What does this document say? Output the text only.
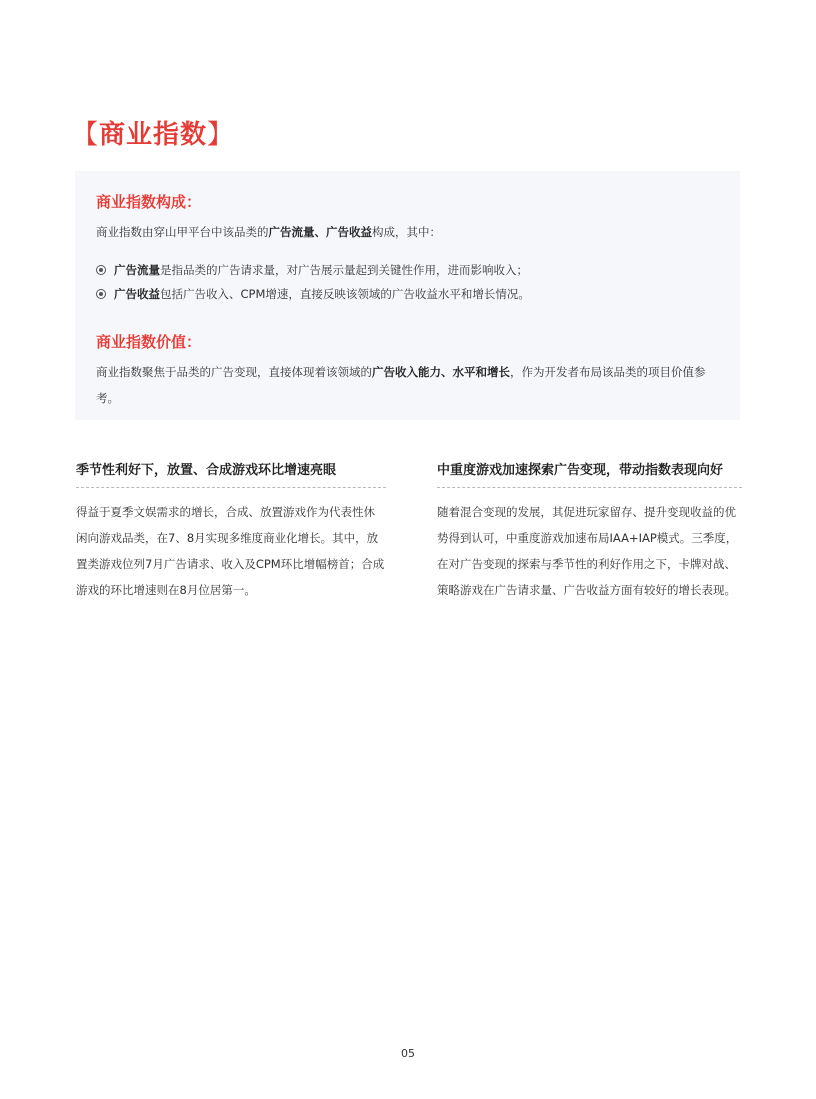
【商业指数】
商业指数构成：
商业指数由穿山甲平台中该品类的广告流量、广告收益构成，其中：
广告流量是指品类的广告请求量，对广告展示量起到关键性作用，进而影响收入；
广告收益包括广告收入、CPM增速，直接反映该领域的广告收益水平和增长情况。
商业指数价值：
商业指数聚焦于品类的广告变现，直接体现着该领域的广告收入能力、水平和增长，作为开发者布局该品类的项目价值参考。
季节性利好下，放置、合成游戏环比增速亮眼
得益于夏季文娱需求的增长，合成、放置游戏作为代表性休闲向游戏品类，在7、8月实现多维度商业化增长。其中，放置类游戏位列7月广告请求、收入及CPM环比增幅榜首；合成游戏的环比增速则在8月位居第一。
中重度游戏加速探索广告变现，带动指数表现向好
随着混合变现的发展，其促进玩家留存、提升变现收益的优势得到认可，中重度游戏加速布局IAA+IAP模式。三季度，在对广告变现的探索与季节性的利好作用之下，卡牌对战、策略游戏在广告请求量、广告收益方面有较好的增长表现。
05
